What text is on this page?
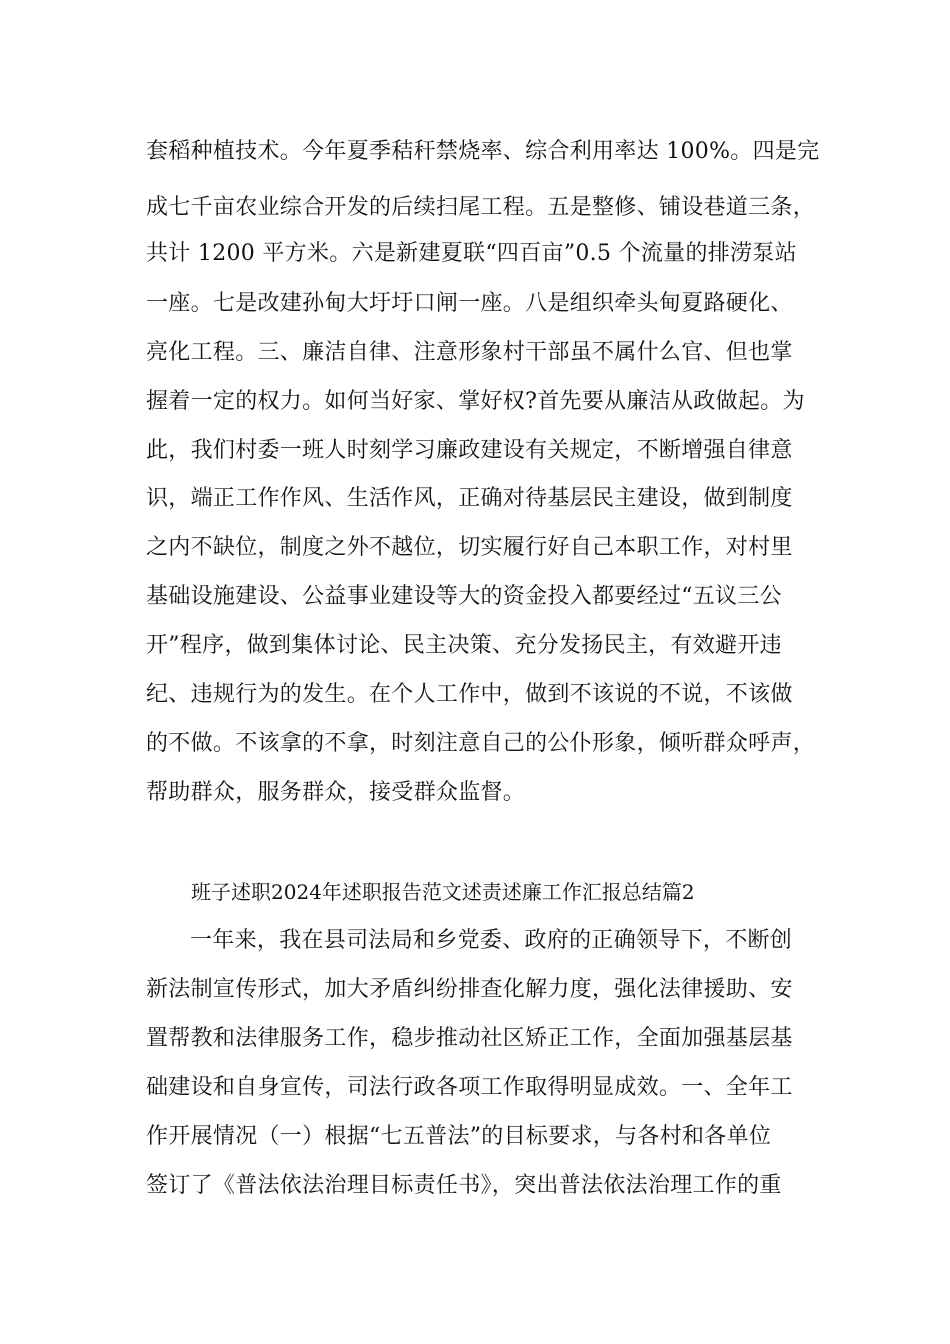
套稻种植技术。今年夏季秸秆禁烧率、综合利用率达 100%。四是完
成七千亩农业综合开发的后续扫尾工程。五是整修、铺设巷道三条，
共计 1200 平方米。六是新建夏联“四百亩”0.5 个流量的排涝泵站
一座。七是改建孙甸大圩圩口闸一座。八是组织牵头甸夏路硬化、
亮化工程。三、廉洁自律、注意形象村干部虽不属什么官、但也掌
握着一定的权力。如何当好家、掌好权?首先要从廉洁从政做起。为
此，我们村委一班人时刻学习廉政建设有关规定，不断增强自律意
识，端正工作作风、生活作风，正确对待基层民主建设，做到制度
之内不缺位，制度之外不越位，切实履行好自己本职工作，对村里
基础设施建设、公益事业建设等大的资金投入都要经过“五议三公
开”程序，做到集体讨论、民主决策、充分发扬民主，有效避开违
纪、违规行为的发生。在个人工作中，做到不该说的不说，不该做
的不做。不该拿的不拿，时刻注意自己的公仆形象，倾听群众呼声，
帮助群众，服务群众，接受群众监督。
班子述职2024年述职报告范文述责述廉工作汇报总结篇2
一年来，我在县司法局和乡党委、政府的正确领导下，不断创
新法制宣传形式，加大矛盾纠纷排查化解力度，强化法律援助、安
置帮教和法律服务工作，稳步推动社区矫正工作，全面加强基层基
础建设和自身宣传，司法行政各项工作取得明显成效。一、全年工
作开展情况（一）根据“七五普法”的目标要求，与各村和各单位
签订了《普法依法治理目标责任书》，突出普法依法治理工作的重
